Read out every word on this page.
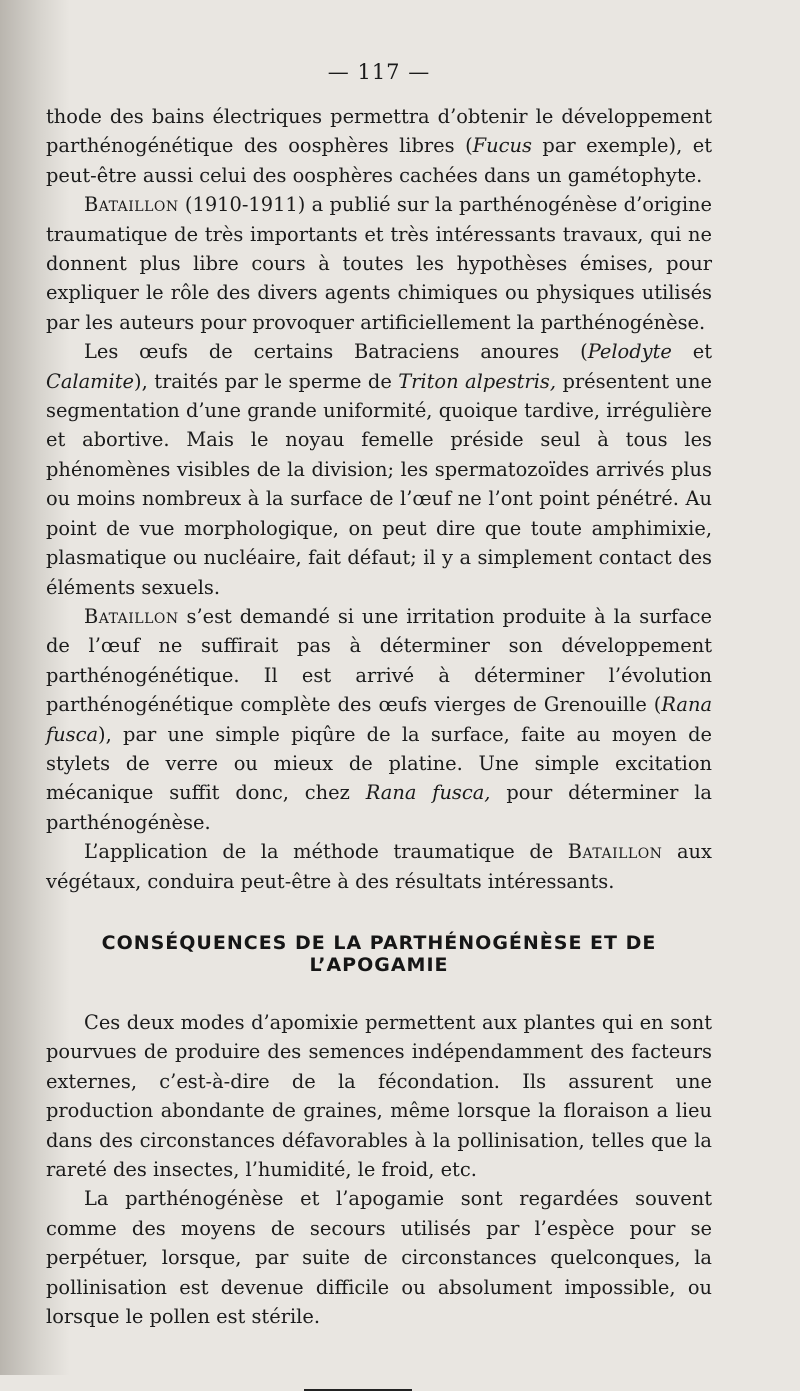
— 117 —

thode des bains électriques permettra d’obtenir le développement parthénogénétique des oosphères libres (Fucus par exemple), et peut-être aussi celui des oosphères cachées dans un gamétophyte.

Bataillon (1910-1911) a publié sur la parthénogénèse d’origine traumatique de très importants et très intéressants travaux, qui ne donnent plus libre cours à toutes les hypothèses émises, pour expliquer le rôle des divers agents chimiques ou physiques utilisés par les auteurs pour provoquer artificiellement la parthénogénèse.

Les œufs de certains Batraciens anoures (Pelodyte et Calamite), traités par le sperme de Triton alpestris, présentent une segmentation d’une grande uniformité, quoique tardive, irrégulière et abortive. Mais le noyau femelle préside seul à tous les phénomènes visibles de la division; les spermatozoïdes arrivés plus ou moins nombreux à la surface de l’œuf ne l’ont point pénétré. Au point de vue morphologique, on peut dire que toute amphimixie, plasmatique ou nucléaire, fait défaut; il y a simplement contact des éléments sexuels.

Bataillon s’est demandé si une irritation produite à la surface de l’œuf ne suffirait pas à déterminer son développement parthénogénétique. Il est arrivé à déterminer l’évolution parthénogénétique complète des œufs vierges de Grenouille (Rana fusca), par une simple piqûre de la surface, faite au moyen de stylets de verre ou mieux de platine. Une simple excitation mécanique suffit donc, chez Rana fusca, pour déterminer la parthénogénèse.

L’application de la méthode traumatique de Bataillon aux végétaux, conduira peut-être à des résultats intéressants.

CONSÉQUENCES DE LA PARTHÉNOGÉNÈSE ET DE L’APOGAMIE

Ces deux modes d’apomixie permettent aux plantes qui en sont pourvues de produire des semences indépendamment des facteurs externes, c’est-à-dire de la fécondation. Ils assurent une production abondante de graines, même lorsque la floraison a lieu dans des circonstances défavorables à la pollinisation, telles que la rareté des insectes, l’humidité, le froid, etc.

La parthénogénèse et l’apogamie sont regardées souvent comme des moyens de secours utilisés par l’espèce pour se perpétuer, lorsque, par suite de circonstances quelconques, la pollinisation est devenue difficile ou absolument impossible, ou lorsque le pollen est stérile.
